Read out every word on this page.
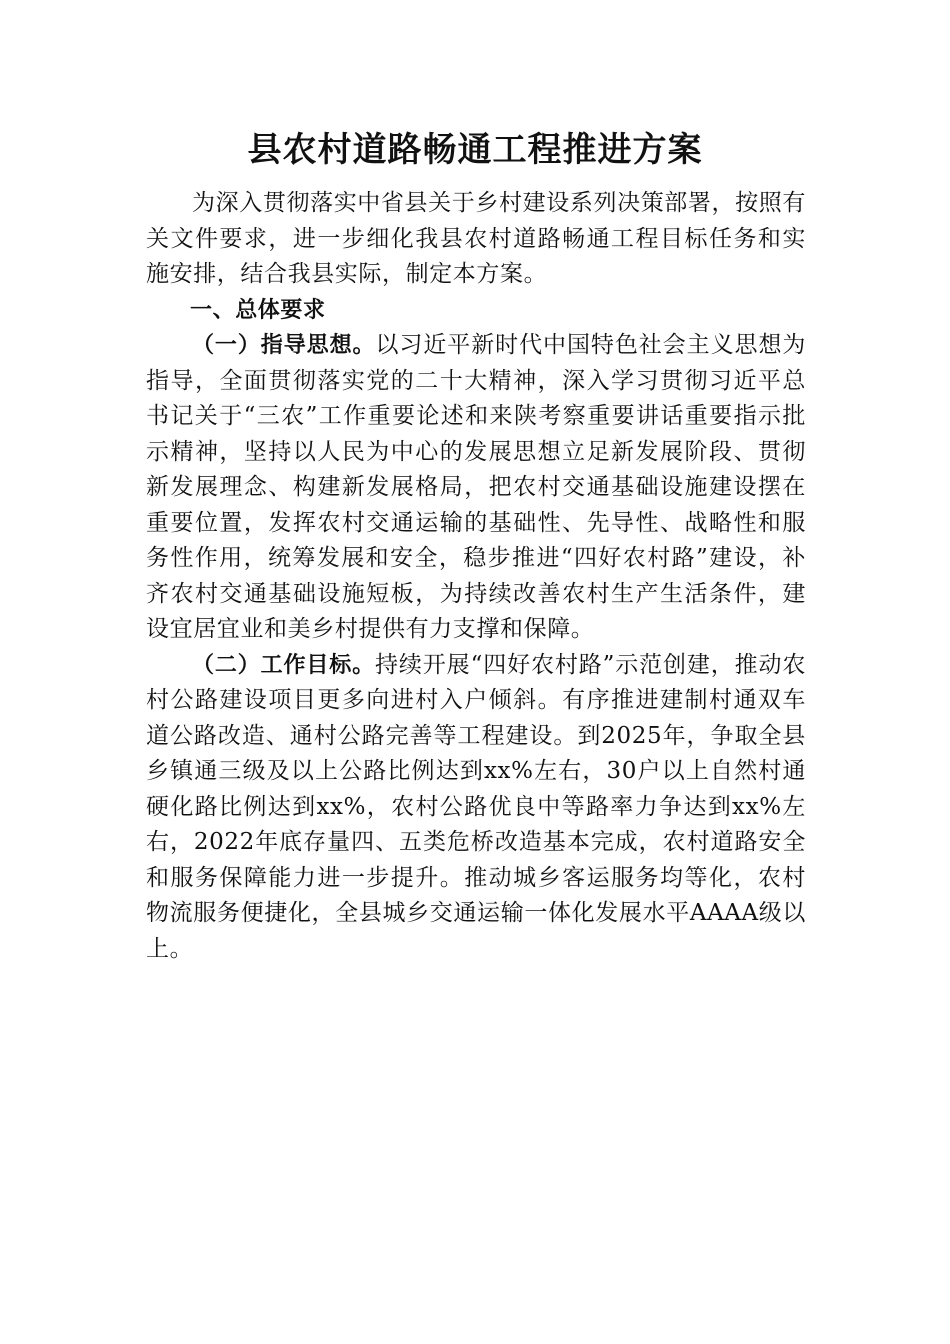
县农村道路畅通工程推进方案

为深入贯彻落实中省县关于乡村建设系列决策部署，按照有关文件要求，进一步细化我县农村道路畅通工程目标任务和实施安排，结合我县实际，制定本方案。

一、总体要求

（一）指导思想。以习近平新时代中国特色社会主义思想为指导，全面贯彻落实党的二十大精神，深入学习贯彻习近平总书记关于“三农”工作重要论述和来陕考察重要讲话重要指示批示精神，坚持以人民为中心的发展思想立足新发展阶段、贯彻新发展理念、构建新发展格局，把农村交通基础设施建设摆在重要位置，发挥农村交通运输的基础性、先导性、战略性和服务性作用，统筹发展和安全，稳步推进“四好农村路”建设，补齐农村交通基础设施短板，为持续改善农村生产生活条件，建设宜居宜业和美乡村提供有力支撑和保障。

（二）工作目标。持续开展“四好农村路”示范创建，推动农村公路建设项目更多向进村入户倾斜。有序推进建制村通双车道公路改造、通村公路完善等工程建设。到2025年，争取全县乡镇通三级及以上公路比例达到xx%左右，30户以上自然村通硬化路比例达到xx%，农村公路优良中等路率力争达到xx%左右，2022年底存量四、五类危桥改造基本完成，农村道路安全和服务保障能力进一步提升。推动城乡客运服务均等化，农村物流服务便捷化，全县城乡交通运输一体化发展水平AAAA级以上。
